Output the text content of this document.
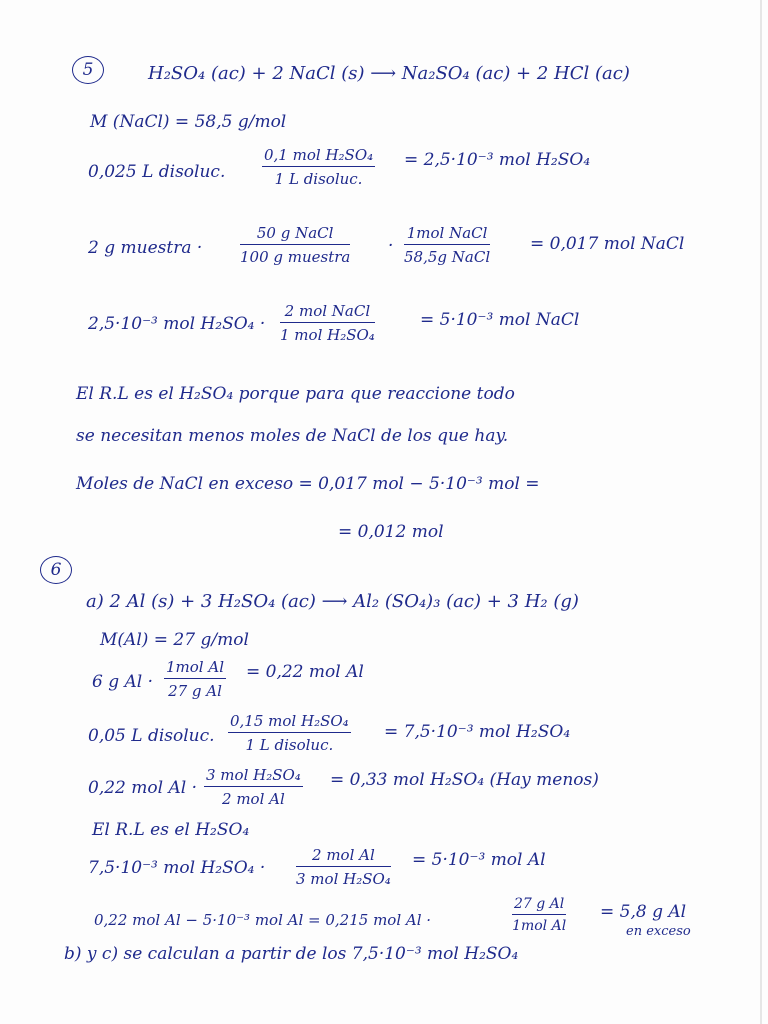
5	H₂SO₄ (ac) + 2 NaCl (s) ⟶ Na₂SO₄ (ac) + 2 HCl (ac)
M (NaCl) = 58,5 g/mol
0,025 L disoluc.
0,1 mol H₂SO₄
1 L disoluc.
= 2,5·10⁻³ mol H₂SO₄
2 g muestra ·
50 g NaCl
100 g muestra
·
1mol NaCl
58,5g NaCl
= 0,017 mol NaCl
2,5·10⁻³ mol H₂SO₄ ·
2 mol NaCl
1 mol H₂SO₄
= 5·10⁻³ mol NaCl
El R.L es el H₂SO₄ porque para que reaccione todo
se necesitan menos moles de NaCl de los que hay.
Moles de NaCl en exceso = 0,017 mol − 5·10⁻³ mol =
= 0,012 mol
6
a) 2 Al (s) + 3 H₂SO₄ (ac) ⟶ Al₂ (SO₄)₃ (ac) + 3 H₂ (g)
M(Al) = 27 g/mol
6 g Al ·
1mol Al
27 g Al
= 0,22 mol Al
0,05 L disoluc.
0,15 mol H₂SO₄
1 L disoluc.
= 7,5·10⁻³ mol H₂SO₄
0,22 mol Al ·
3 mol H₂SO₄
2 mol Al
= 0,33 mol H₂SO₄ (Hay menos)
El R.L es el H₂SO₄
7,5·10⁻³ mol H₂SO₄ ·
2 mol Al
3 mol H₂SO₄
= 5·10⁻³ mol Al
0,22 mol Al − 5·10⁻³ mol Al = 0,215 mol Al ·
27 g Al
1mol Al
= 5,8 g Al
en exceso
b) y c) se calculan a partir de los 7,5·10⁻³ mol H₂SO₄
